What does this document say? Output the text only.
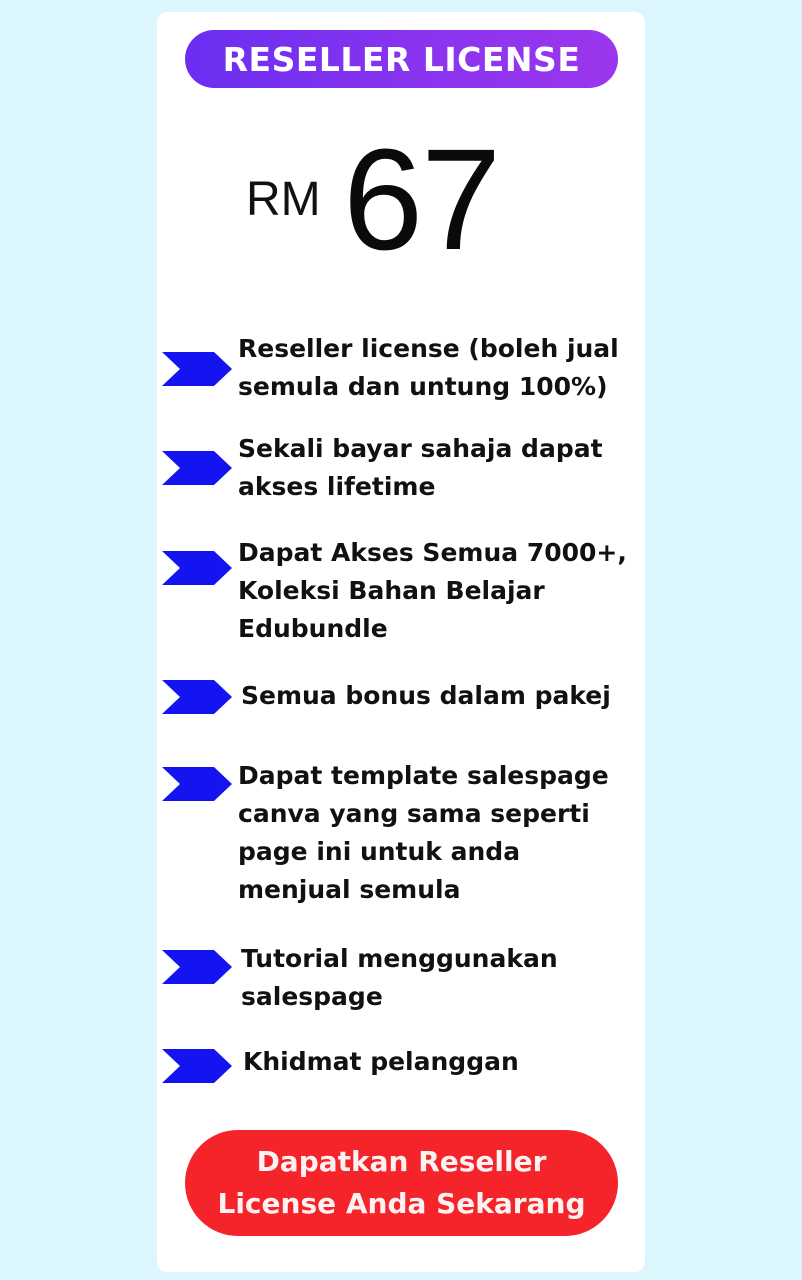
RESELLER LICENSE
RM 67

Reseller license (boleh jual semula dan untung 100%)

Sekali bayar sahaja dapat akses lifetime

Dapat Akses Semua 7000+, Koleksi Bahan Belajar Edubundle

Semua bonus dalam pakej

Dapat template salespage canva yang sama seperti page ini untuk anda menjual semula

Tutorial menggunakan salespage

Khidmat pelanggan

Dapatkan Reseller License Anda Sekarang
